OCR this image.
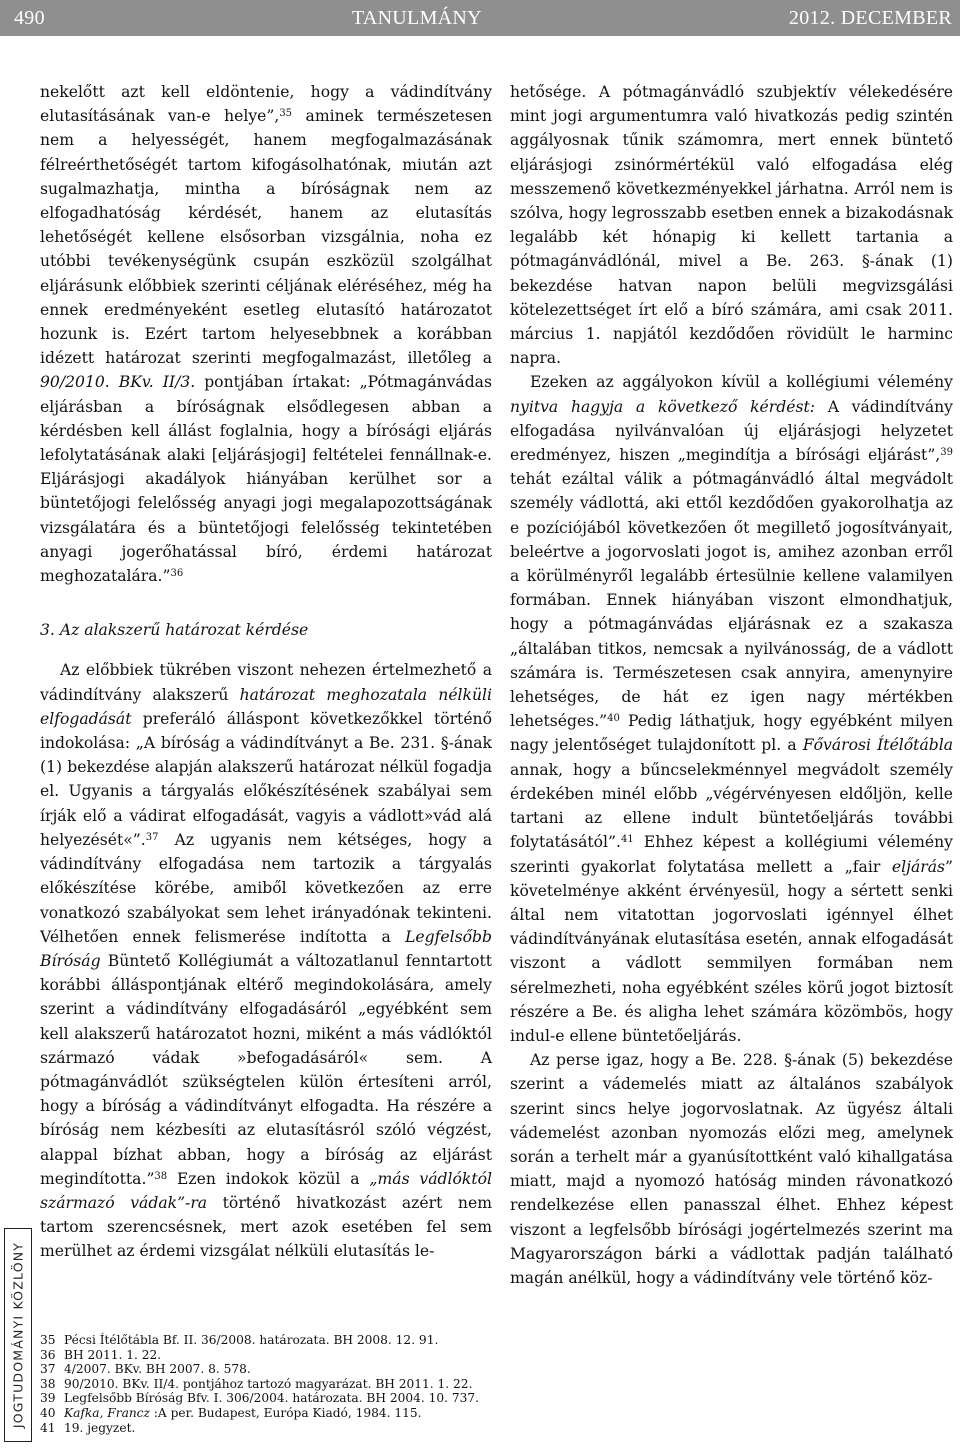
490	TANULMÁNY	2012. DECEMBER

nekelőtt azt kell eldöntenie, hogy a vádindítvány elutasításának van-e helye”,$^{35}$ aminek természetesen nem a helyességét, hanem megfogalmazásának félreérthetőségét tartom kifogásolhatónak, miután azt sugalmazhatja, mintha a bíróságnak nem az elfogadhatóság kérdését, hanem az elutasítás lehetőségét kellene elsősorban vizsgálnia, noha ez utóbbi tevékenységünk csupán eszközül szolgálhat eljárásunk előbbiek szerinti céljának eléréséhez, még ha ennek eredményeként esetleg elutasító határozatot hozunk is. Ezért tartom helyesebbnek a korábban idézett határozat szerinti megfogalmazást, illetőleg a 90/2010. BKv. II/3. pontjában írtakat: „Pótmagánvádas eljárásban a bíróságnak elsődlegesen abban a kérdésben kell állást foglalnia, hogy a bírósági eljárás lefolytatásának alaki [eljárásjogi] feltételei fennállnak-e. Eljárásjogi akadályok hiányában kerülhet sor a büntetőjogi felelősség anyagi jogi megalapozottságának vizsgálatára és a büntetőjogi felelősség tekintetében anyagi jogerőhatással bíró, érdemi határozat meghozatalára.”$^{36}$

3. Az alakszerű határozat kérdése

Az előbbiek tükrében viszont nehezen értelmezhető a vádindítvány alakszerű határozat meghozatala nélküli elfogadását preferáló álláspont következőkkel történő indokolása: „A bíróság a vádindítványt a Be. 231. §-ának (1) bekezdése alapján alakszerű határozat nélkül fogadja el. Ugyanis a tárgyalás előkészítésének szabályai sem írják elő a vádirat elfogadását, vagyis a vádlott»vád alá helyezését«”.$^{37}$ Az ugyanis nem kétséges, hogy a vádindítvány elfogadása nem tartozik a tárgyalás előkészítése körébe, amiből következően az erre vonatkozó szabályokat sem lehet irányadónak tekinteni. Vélhetően ennek felismerése indította a Legfelsőbb Bíróság Büntető Kollégiumát a változatlanul fenntartott korábbi álláspontjának eltérő megindokolására, amely szerint a vádindítvány elfogadásáról „egyébként sem kell alakszerű határozatot hozni, miként a más vádlóktól származó vádak »befogadásáról« sem. A pótmagánvádlót szükségtelen külön értesíteni arról, hogy a bíróság a vádindítványt elfogadta. Ha részére a bíróság nem kézbesíti az elutasításról szóló végzést, alappal bízhat abban, hogy a bíróság az eljárást megindította.”$^{38}$ Ezen indokok közül a „más vádlóktól származó vádak”-ra történő hivatkozást azért nem tartom szerencsésnek, mert azok esetében fel sem merülhet az érdemi vizsgálat nélküli elutasítás le-

hetősége. A pótmagánvádló szubjektív vélekedésére mint jogi argumentumra való hivatkozás pedig szintén aggályosnak tűnik számomra, mert ennek büntető eljárásjogi zsinórmértékül való elfogadása elég messzemenő következményekkel járhatna. Arról nem is szólva, hogy legrosszabb esetben ennek a bizakodásnak legalább két hónapig ki kellett tartania a pótmagánvádlónál, mivel a Be. 263. §-ának (1) bekezdése hatvan napon belüli megvizsgálási kötelezettséget írt elő a bíró számára, ami csak 2011. március 1. napjától kezdődően rövidült le harminc napra.

Ezeken az aggályokon kívül a kollégiumi vélemény nyitva hagyja a következő kérdést: A vádindítvány elfogadása nyilvánvalóan új eljárásjogi helyzetet eredményez, hiszen „megindítja a bírósági eljárást”,$^{39}$ tehát ezáltal válik a pótmagánvádló által megvádolt személy vádlottá, aki ettől kezdődően gyakorolhatja az e pozíciójából következően őt megillető jogosítványait, beleértve a jogorvoslati jogot is, amihez azonban erről a körülményről legalább értesülnie kellene valamilyen formában. Ennek hiányában viszont elmondhatjuk, hogy a pótmagánvádas eljárásnak ez a szakasza „általában titkos, nemcsak a nyilvánosság, de a vádlott számára is. Természetesen csak annyira, amenynyire lehetséges, de hát ez igen nagy mértékben lehetséges.”$^{40}$ Pedig láthatjuk, hogy egyébként milyen nagy jelentőséget tulajdonított pl. a Fővárosi Ítélőtábla annak, hogy a bűncselekménnyel megvádolt személy érdekében minél előbb „végérvényesen eldőljön, kelle tartani az ellene indult büntetőeljárás további folytatásától”.$^{41}$ Ehhez képest a kollégiumi vélemény szerinti gyakorlat folytatása mellett a „fair eljárás” követelménye akként érvényesül, hogy a sértett senki által nem vitatottan jogorvoslati igénnyel élhet vádindítványának elutasítása esetén, annak elfogadását viszont a vádlott semmilyen formában nem sérelmezheti, noha egyébként széles körű jogot biztosít részére a Be. és aligha lehet számára közömbös, hogy indul-e ellene büntetőeljárás.

Az perse igaz, hogy a Be. 228. §-ának (5) bekezdése szerint a vádemelés miatt az általános szabályok szerint sincs helye jogorvoslatnak. Az ügyész általi vádemelést azonban nyomozás előzi meg, amelynek során a terhelt már a gyanúsítottként való kihallgatása miatt, majd a nyomozó hatóság minden rávonatkozó rendelkezése ellen panasszal élhet. Ehhez képest viszont a legfelsőbb bírósági jogértelmezés szerint ma Magyarországon bárki a vádlottak padján található magán anélkül, hogy a vádindítvány vele történő köz-

JOGTUDOMÁNYI KÖZLÖNY 35 Pécsi Ítélőtábla Bf. II. 36/2008. határozata. BH 2008. 12. 91.
36 BH 2011. 1. 22.
37 4/2007. BKv. BH 2007. 8. 578.
38 90/2010. BKv. II/4. pontjához tartozó magyarázat. BH 2011. 1. 22.
39 Legfelsőbb Bíróság Bfv. I. 306/2004. határozata. BH 2004. 10. 737.
40 Kafka, Francz :A per. Budapest, Európa Kiadó, 1984. 115.
41 19. jegyzet.
